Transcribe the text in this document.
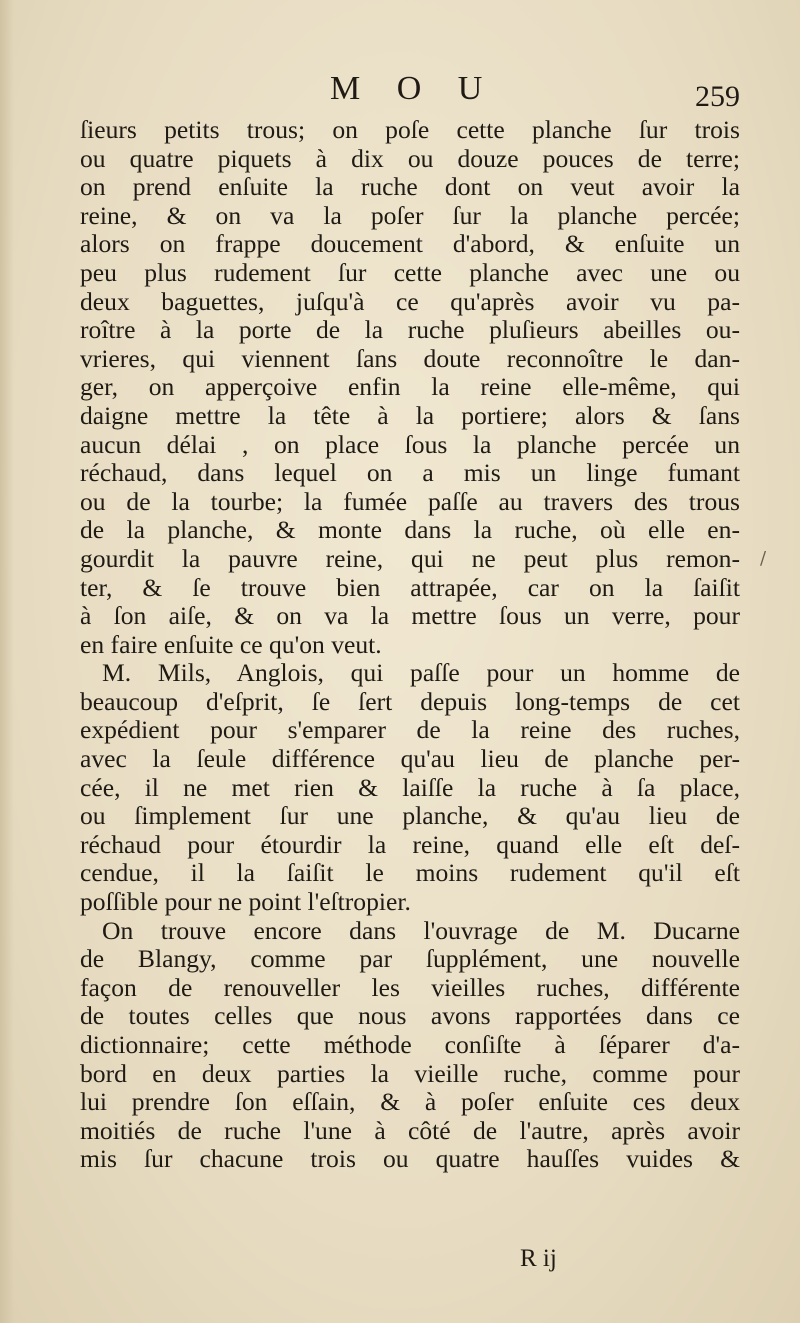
M O U	259
ſieurs petits trous; on poſe cette planche ſur trois
ou quatre piquets à dix ou douze pouces de terre;
on prend enſuite la ruche dont on veut avoir la
reine, & on va la poſer ſur la planche percée;
alors on frappe doucement d'abord, & enſuite un
peu plus rudement ſur cette planche avec une ou
deux baguettes, juſqu'à ce qu'après avoir vu pa-
roître à la porte de la ruche pluſieurs abeilles ou-
vrieres, qui viennent ſans doute reconnoître le dan-
ger, on apperçoive enfin la reine elle-même, qui
daigne mettre la tête à la portiere; alors & ſans
aucun délai , on place ſous la planche percée un
réchaud, dans lequel on a mis un linge fumant
ou de la tourbe; la fumée paſſe au travers des trous
de la planche, & monte dans la ruche, où elle en-
gourdit la pauvre reine, qui ne peut plus remon-
ter, & ſe trouve bien attrapée, car on la ſaiſit
à ſon aiſe, & on va la mettre ſous un verre, pour
en faire enſuite ce qu'on veut.
M. Mils, Anglois, qui paſſe pour un homme de
beaucoup d'eſprit, ſe ſert depuis long-temps de cet
expédient pour s'emparer de la reine des ruches,
avec la ſeule différence qu'au lieu de planche per-
cée, il ne met rien & laiſſe la ruche à ſa place,
ou ſimplement ſur une planche, & qu'au lieu de
réchaud pour étourdir la reine, quand elle eſt deſ-
cendue, il la ſaiſit le moins rudement qu'il eſt
poſſible pour ne point l'eſtropier.
On trouve encore dans l'ouvrage de M. Ducarne
de Blangy, comme par ſupplément, une nouvelle
façon de renouveller les vieilles ruches, différente
de toutes celles que nous avons rapportées dans ce
dictionnaire; cette méthode conſiſte à ſéparer d'a-
bord en deux parties la vieille ruche, comme pour
lui prendre ſon eſſain, & à poſer enſuite ces deux
moitiés de ruche l'une à côté de l'autre, après avoir
mis ſur chacune trois ou quatre hauſſes vuides &
/
R ij
